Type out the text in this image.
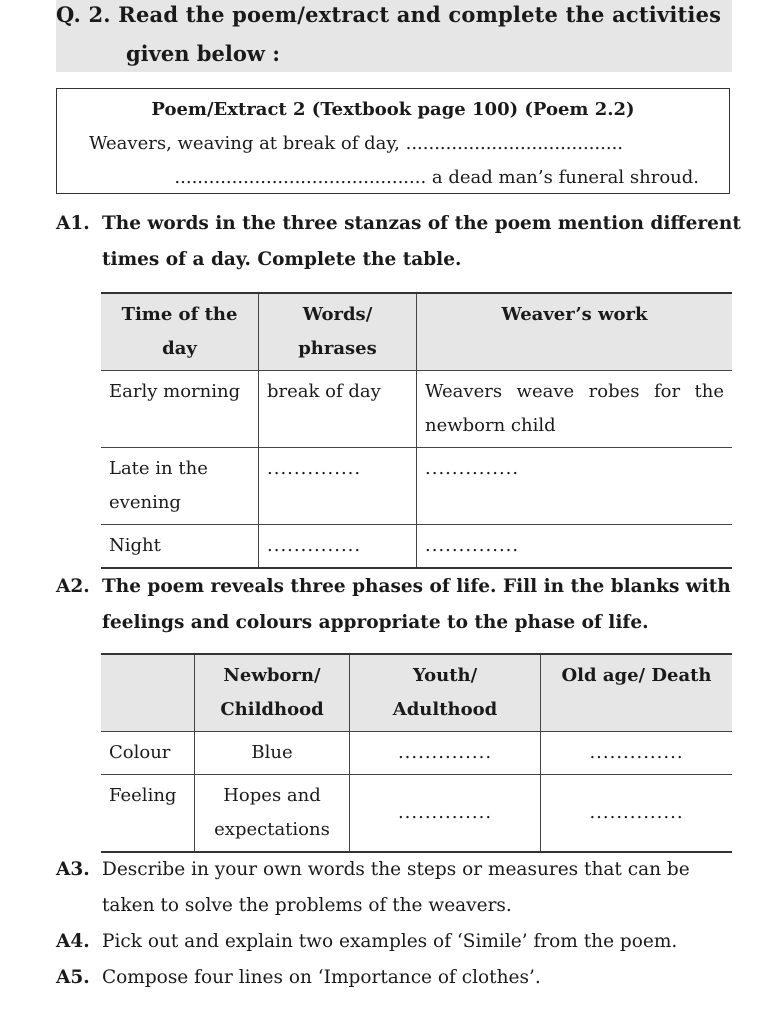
Q. 2. Read the poem/extract and complete the activities
given below :
Poem/Extract 2 (Textbook page 100) (Poem 2.2)
Weavers, weaving at break of day, ......................................
............................................ a dead man’s funeral shroud.
A1. The words in the three stanzas of the poem mention different
times of a day. Complete the table.
Time of the day	Words/ phrases	Weaver’s work
Early morning	break of day	Weavers weave robes for the newborn child
Late in the evening	..............	..............
Night	..............	..............
A2. The poem reveals three phases of life. Fill in the blanks with
feelings and colours appropriate to the phase of life.
	Newborn/ Childhood	Youth/ Adulthood	Old age/ Death
Colour	Blue	..............	..............
Feeling	Hopes and expectations	..............	..............
A3. Describe in your own words the steps or measures that can be
taken to solve the problems of the weavers.
A4. Pick out and explain two examples of ‘Simile’ from the poem.
A5. Compose four lines on ‘Importance of clothes’.
